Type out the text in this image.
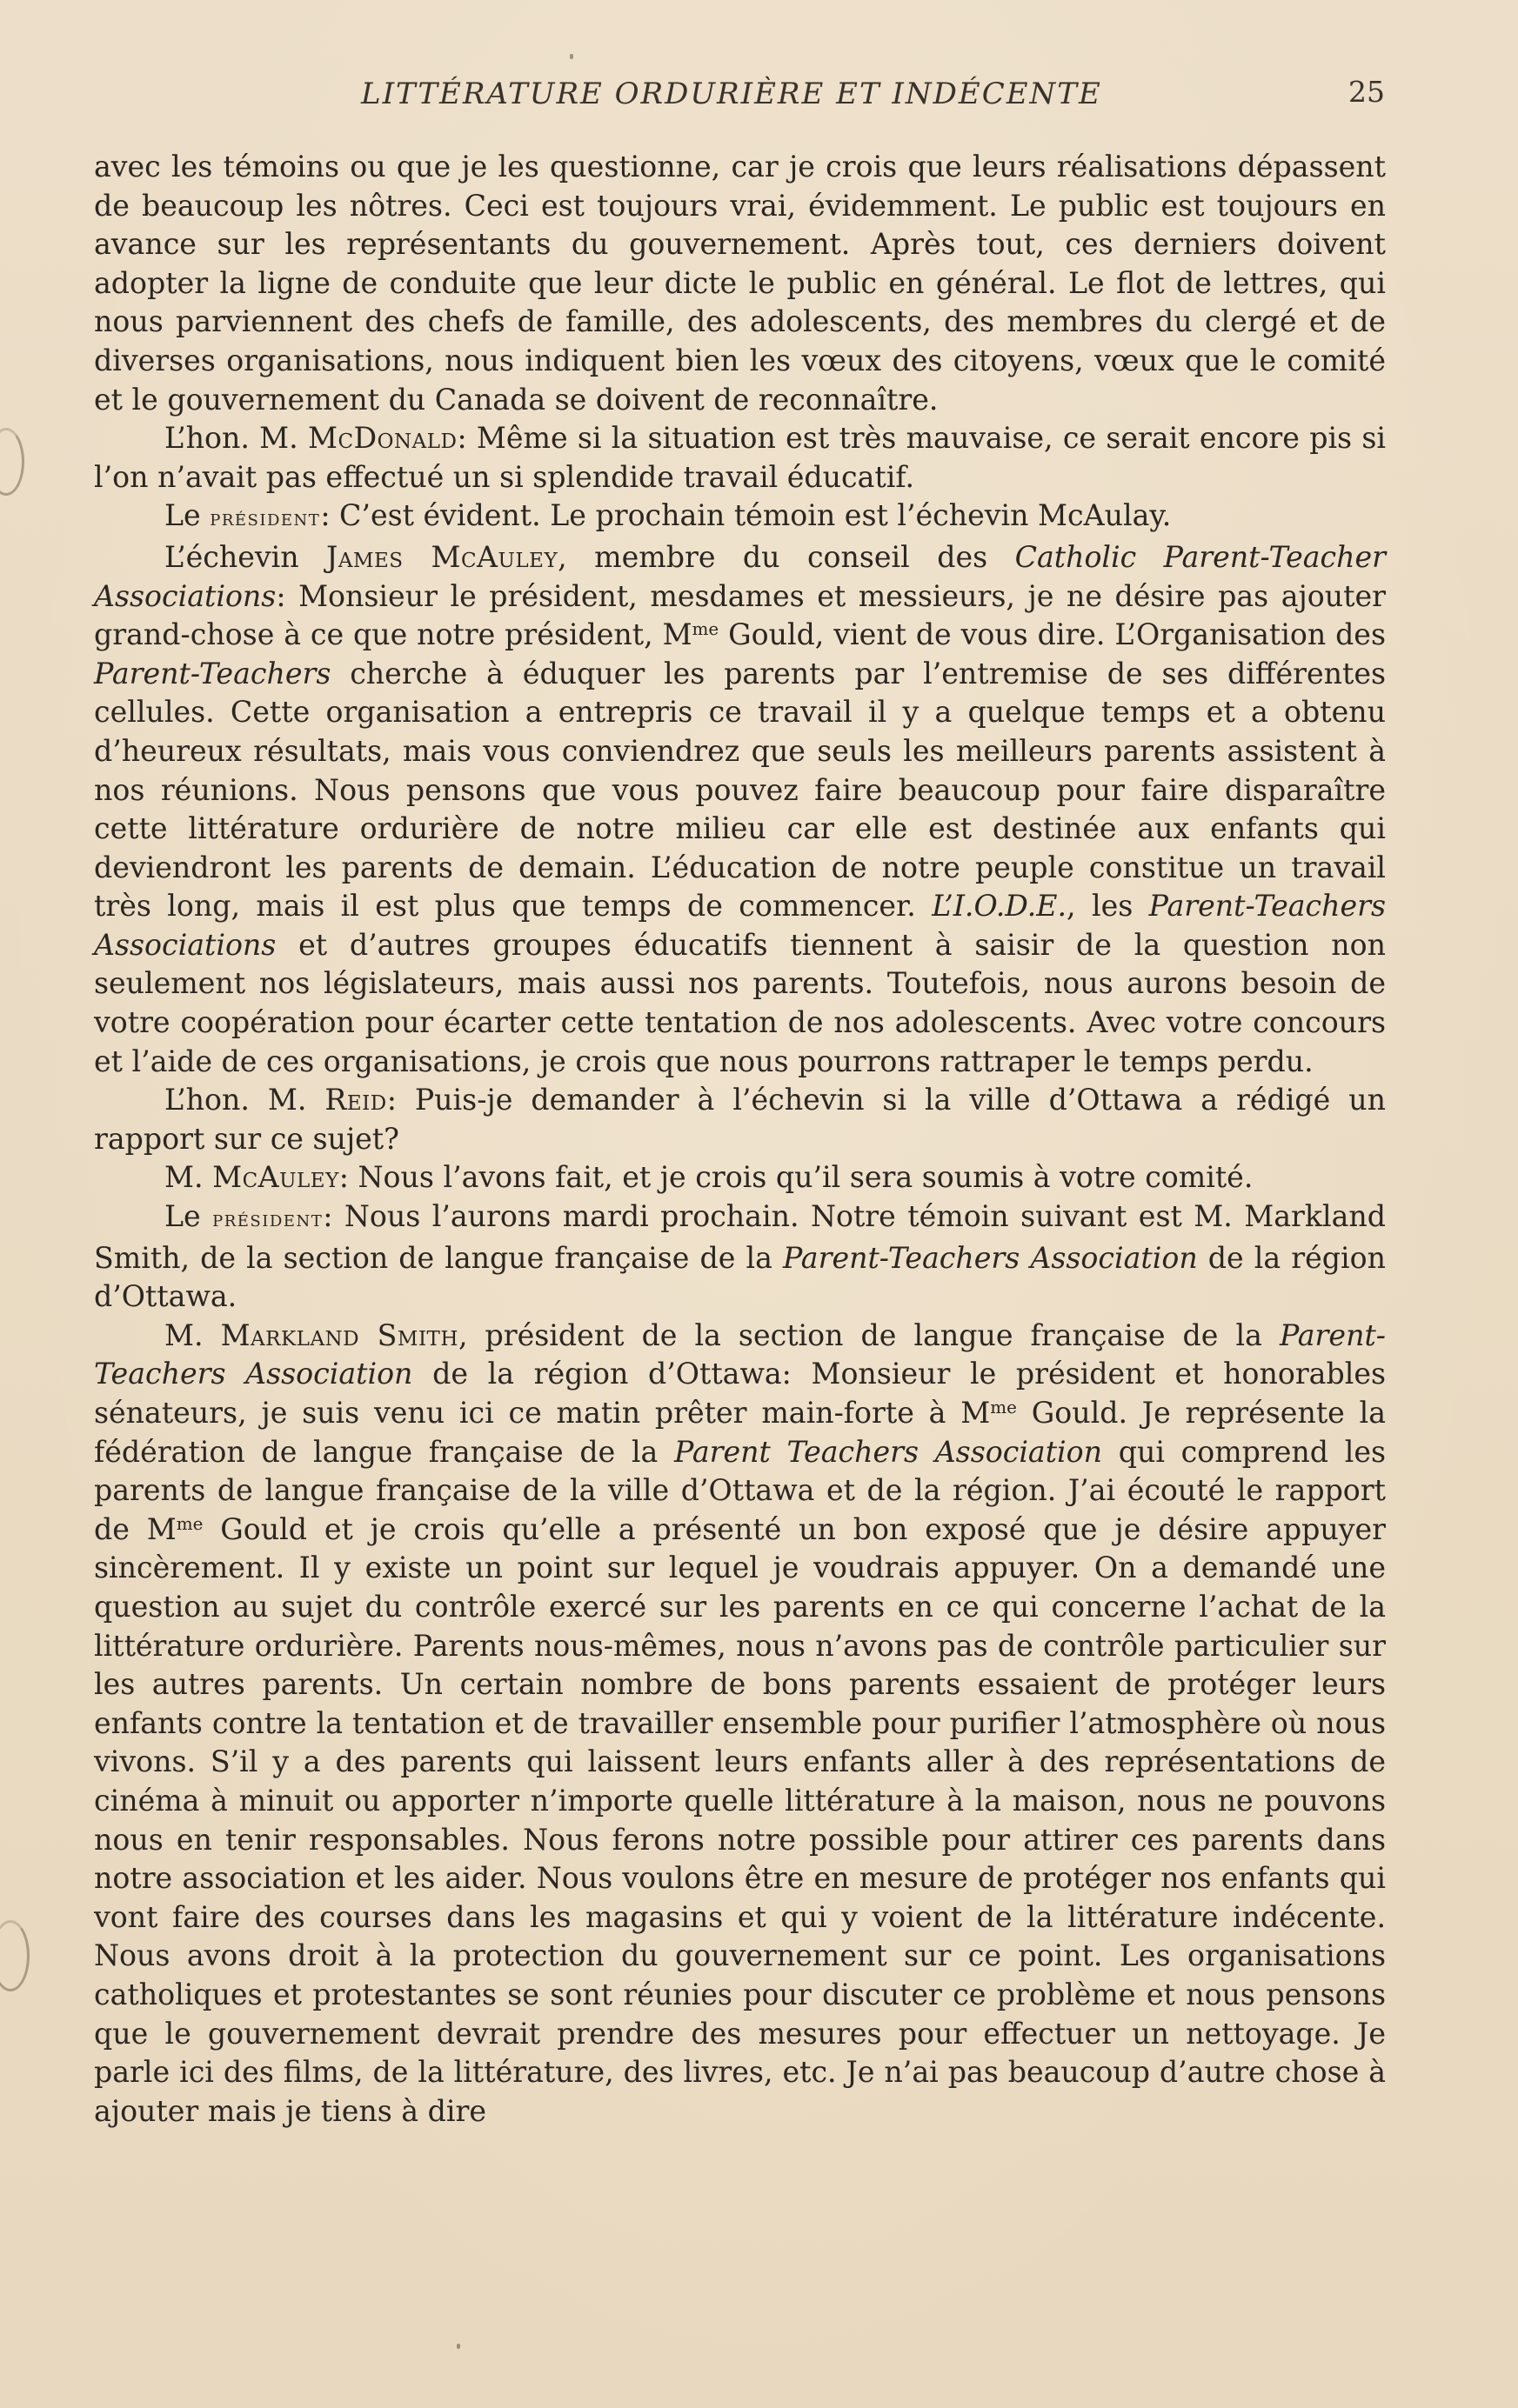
LITTÉRATURE ORDURIÈRE ET INDÉCENTE	25

avec les témoins ou que je les questionne, car je crois que leurs réalisations dépassent de beaucoup les nôtres. Ceci est toujours vrai, évidemment. Le public est toujours en avance sur les représentants du gouvernement. Après tout, ces derniers doivent adopter la ligne de conduite que leur dicte le public en général. Le flot de lettres, qui nous parviennent des chefs de famille, des adolescents, des membres du clergé et de diverses organisations, nous indiquent bien les vœux des citoyens, vœux que le comité et le gouvernement du Canada se doivent de reconnaître.

L’hon. M. McDonald: Même si la situation est très mauvaise, ce serait encore pis si l’on n’avait pas effectué un si splendide travail éducatif.

Le président: C’est évident. Le prochain témoin est l’échevin McAulay.

L’échevin James McAuley, membre du conseil des Catholic Parent-Teacher Associations: Monsieur le président, mesdames et messieurs, je ne désire pas ajouter grand-chose à ce que notre président, $M^{me}$ Gould, vient de vous dire. L’Organisation des Parent-Teachers cherche à éduquer les parents par l’entremise de ses différentes cellules. Cette organisation a entrepris ce travail il y a quelque temps et a obtenu d’heureux résultats, mais vous conviendrez que seuls les meilleurs parents assistent à nos réunions. Nous pensons que vous pouvez faire beaucoup pour faire disparaître cette littérature ordurière de notre milieu car elle est destinée aux enfants qui deviendront les parents de demain. L’éducation de notre peuple constitue un travail très long, mais il est plus que temps de commencer. L’I.O.D.E., les Parent-Teachers Associations et d’autres groupes éducatifs tiennent à saisir de la question non seulement nos législateurs, mais aussi nos parents. Toutefois, nous aurons besoin de votre coopération pour écarter cette tentation de nos adolescents. Avec votre concours et l’aide de ces organisations, je crois que nous pourrons rattraper le temps perdu.

L’hon. M. Reid: Puis-je demander à l’échevin si la ville d’Ottawa a rédigé un rapport sur ce sujet?

M. McAuley: Nous l’avons fait, et je crois qu’il sera soumis à votre comité.

Le président: Nous l’aurons mardi prochain. Notre témoin suivant est M. Markland Smith, de la section de langue française de la Parent-Teachers Association de la région d’Ottawa.

M. Markland Smith, président de la section de langue française de la Parent-Teachers Association de la région d’Ottawa: Monsieur le président et honorables sénateurs, je suis venu ici ce matin prêter main-forte à $M^{me}$ Gould. Je représente la fédération de langue française de la Parent Teachers Association qui comprend les parents de langue française de la ville d’Ottawa et de la région. J’ai écouté le rapport de $M^{me}$ Gould et je crois qu’elle a présenté un bon exposé que je désire appuyer sincèrement. Il y existe un point sur lequel je voudrais appuyer. On a demandé une question au sujet du contrôle exercé sur les parents en ce qui concerne l’achat de la littérature ordurière. Parents nous-mêmes, nous n’avons pas de contrôle particulier sur les autres parents. Un certain nombre de bons parents essaient de protéger leurs enfants contre la tentation et de travailler ensemble pour purifier l’atmosphère où nous vivons. S’il y a des parents qui laissent leurs enfants aller à des représentations de cinéma à minuit ou apporter n’importe quelle littérature à la maison, nous ne pouvons nous en tenir responsables. Nous ferons notre possible pour attirer ces parents dans notre association et les aider. Nous voulons être en mesure de protéger nos enfants qui vont faire des courses dans les magasins et qui y voient de la littérature indécente. Nous avons droit à la protection du gouvernement sur ce point. Les organisations catholiques et protestantes se sont réunies pour discuter ce problème et nous pensons que le gouvernement devrait prendre des mesures pour effectuer un nettoyage. Je parle ici des films, de la littérature, des livres, etc. Je n’ai pas beaucoup d’autre chose à ajouter mais je tiens à dire
